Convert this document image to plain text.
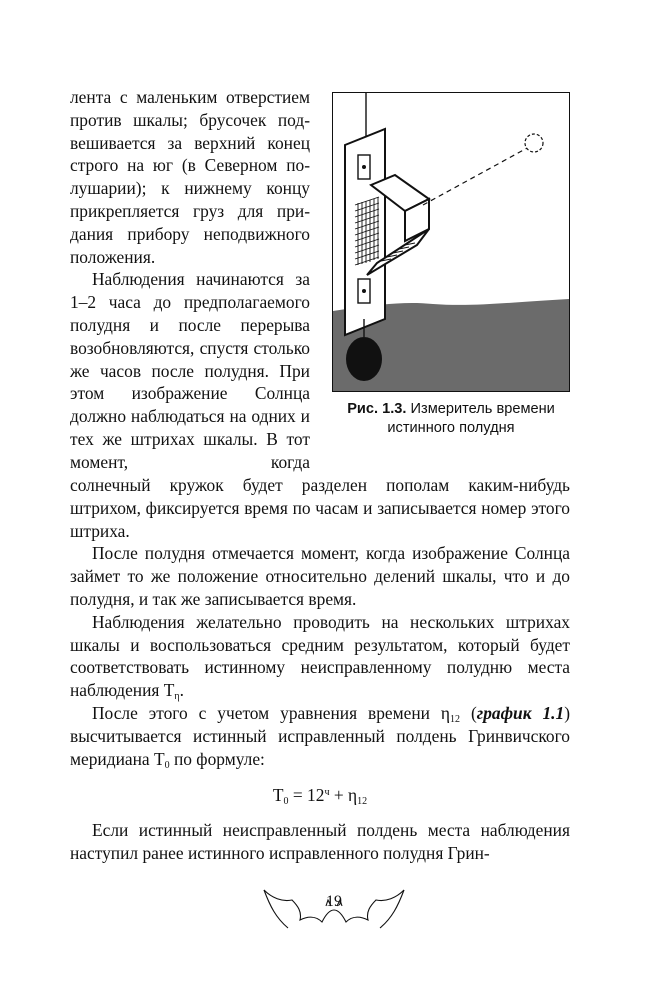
лента с маленьким отверстием против шкалы; брусочек подвешивается за верхний конец строго на юг (в Северном полушарии); к нижнему концу прикрепляется груз для придания прибору неподвижного положения.

Наблюдения начинаются за 1–2 часа до предполагаемого полудня и после перерыва возобновляются, спустя столько же часов после полудня. При этом изображение Солнца должно наблюдаться на одних и тех же штрихах шкалы. В тот момент, когда

Рис. 1.3. Измеритель времени истинного полудня

солнечный кружок будет разделен пополам каким-нибудь штрихом, фиксируется время по часам и записывается номер этого штриха.

После полудня отмечается момент, когда изображение Солнца займет то же положение относительно делений шкалы, что и до полудня, и так же записывается время.

Наблюдения желательно проводить на нескольких штрихах шкалы и воспользоваться средним результатом, который будет соответствовать истинному неисправленному полудню места наблюдения $T_\eta$.

После этого с учетом уравнения времени $\eta_{12}$ (график 1.1) высчитывается истинный исправленный полдень Гринвичского меридиана $T_0$ по формуле:

$T_0 = 12^ч + \eta_{12}$

Если истинный неисправленный полдень места наблюдения наступил ранее истинного исправленного полудня Грин-

19
